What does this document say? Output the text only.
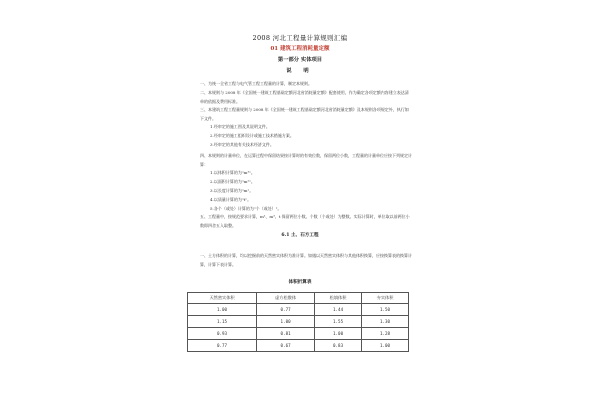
2008 河北工程量计算规则汇编
01 建筑工程消耗量定额
第一部分 实体项目
说 明
一、为统一全省工程与电气管工程工程量的计算，制定本规则。
二、本规则与 2008 年《全国统一建筑工程基础定额河北省消耗量定额》配套使用，作为确定各项定额内容建立表达清单的依据及费用标准。
三、本建筑工程工程量规则与 2008 年《全国统一建筑工程基础定额河北省消耗量定额》及本规则各项规定外，执行如下文件。
1.经审定的施工图及其说明文件。
2.经审定的施工组织设计或施工技术措施方案。
3.经审定的其他有关技术经济文件。
四、本规则的计量单位，在运算过程中保留结果按计算时的有效位数，保留两位小数，工程量的计量单位应按下列规定计算：
1.以体积计算的为"m³"。
2.以面积计算的为"m²"。
3.以长度计算的为"m"。
4.以质量计算的为"t"。
5.各个（或处）计算的为"个（或处）"。
五、工程量中，按规范要求计算，m²、m³、t 保留两位小数。个数（个或处）为整数。实际计算时，单位取以前两位小数即四舍五入取整。
6.1 土、石方工程
一、土方体积的计算，均以挖掘前的天然密实体积为准计算。如遇以天然密实体积与其他体积换算，应按换算表的换算计算，计算下表计算。
体积折算表
天然密实体积	虚方松散体	松填体积	夯实体积
1.00	0.77	1.44	1.50
1.15	1.00	1.55	1.30
0.93	0.81	1.00	1.28
0.77	0.67	0.83	1.00
